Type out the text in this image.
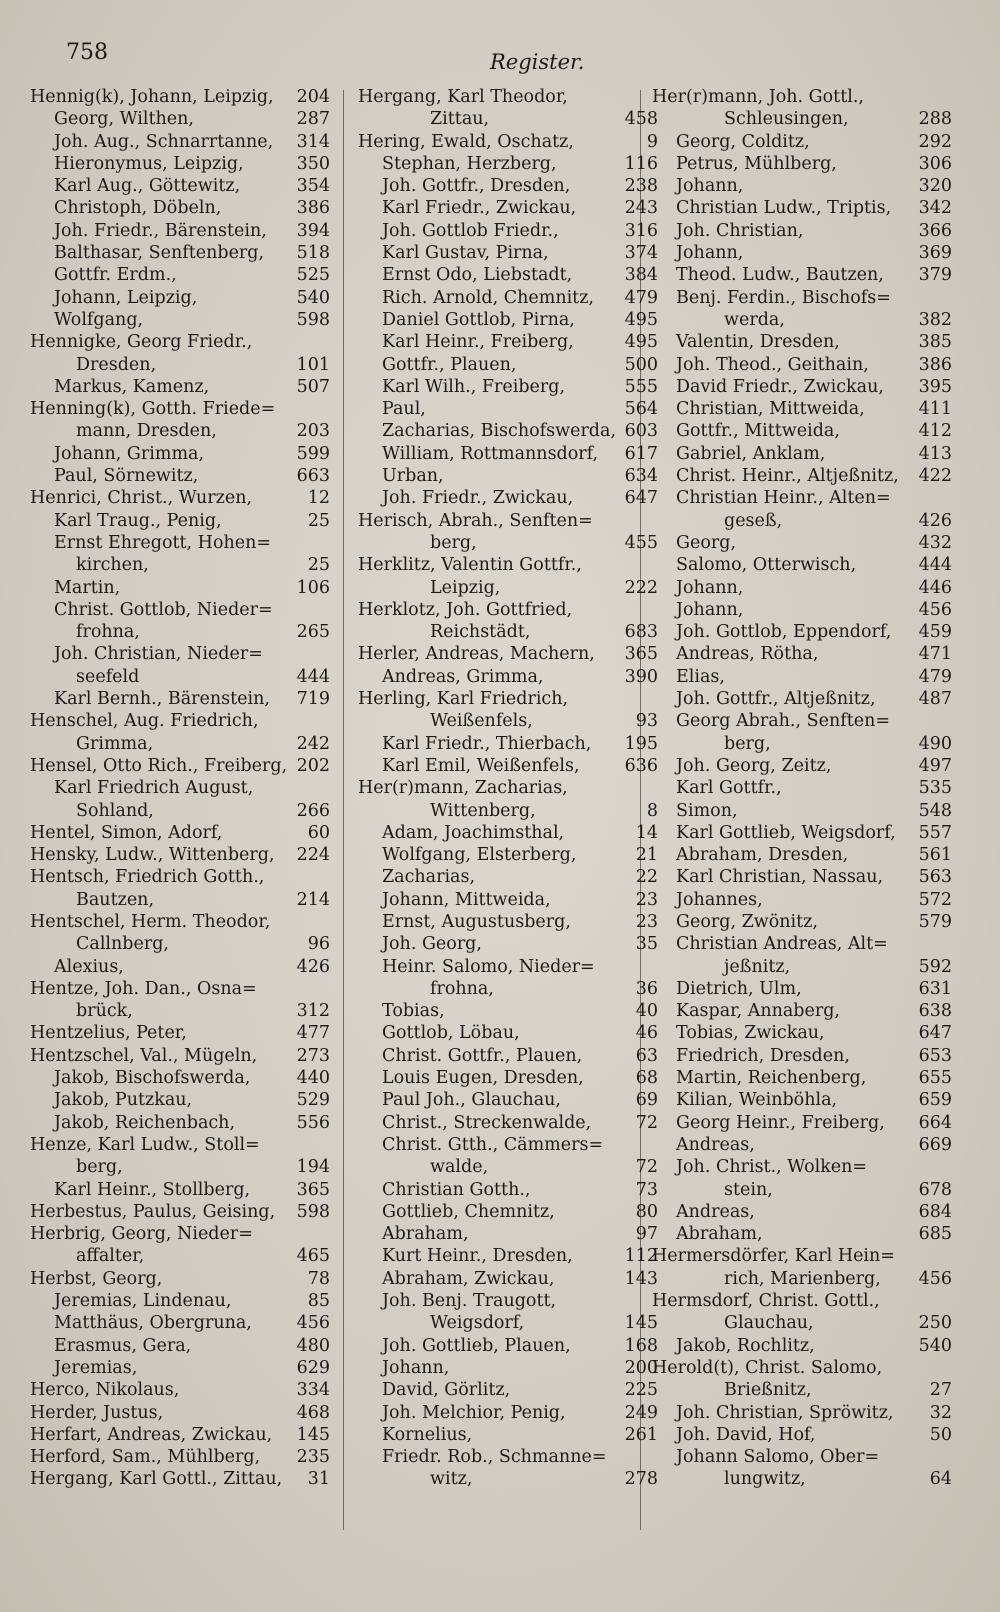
758	Register.
Hennig(k), Johann, Leipzig, 204
Georg, Wilthen,	287
Joh. Aug., Schnarrtanne, 314
Hieronymus, Leipzig,	350
Karl Aug., Göttewitz,	354
Christoph, Döbeln,	386
Joh. Friedr., Bärenstein, 394
Balthasar, Senftenberg, 518
Gottfr. Erdm.,	525
Johann, Leipzig,	540
Wolfgang,	598
Hennigke, Georg Friedr.,
Dresden,	101
Markus, Kamenz,	507
Henning(k), Gotth. Friede=
mann, Dresden,	203
Johann, Grimma,	599
Paul, Sörnewitz,	663
Henrici, Christ., Wurzen,	12
Karl Traug., Penig,	25
Ernst Ehregott, Hohen=
kirchen,	25
Martin,	106
Christ. Gottlob, Nieder=
frohna,	265
Joh. Christian, Nieder=
seefeld	444
Karl Bernh., Bärenstein, 719
Henschel, Aug. Friedrich,
Grimma,	242
Hensel, Otto Rich., Freiberg, 202
Karl Friedrich August,
Sohland,	266
Hentel, Simon, Adorf,	60
Hensky, Ludw., Wittenberg, 224
Hentsch, Friedrich Gotth.,
Bautzen,	214
Hentschel, Herm. Theodor,
Callnberg,	96
Alexius,	426
Hentze, Joh. Dan., Osna=
brück,	312
Hentzelius, Peter,	477
Hentzschel, Val., Mügeln, 273
Jakob, Bischofswerda,	440
Jakob, Putzkau,	529
Jakob, Reichenbach,	556
Henze, Karl Ludw., Stoll=
berg,	194
Karl Heinr., Stollberg,	365
Herbestus, Paulus, Geising, 598
Herbrig, Georg, Nieder=
affalter,	465
Herbst, Georg,	78
Jeremias, Lindenau,	85
Matthäus, Obergruna,	456
Erasmus, Gera,	480
Jeremias,	629
Herco, Nikolaus,	334
Herder, Justus,	468
Herfart, Andreas, Zwickau, 145
Herford, Sam., Mühlberg, 235
Hergang, Karl Gottl., Zittau, 31
Hergang, Karl Theodor,
Zittau,	458
Hering, Ewald, Oschatz,	9
Stephan, Herzberg,	116
Joh. Gottfr., Dresden,	238
Karl Friedr., Zwickau,	243
Joh. Gottlob Friedr.,	316
Karl Gustav, Pirna,	374
Ernst Odo, Liebstadt,	384
Rich. Arnold, Chemnitz, 479
Daniel Gottlob, Pirna,	495
Karl Heinr., Freiberg,	495
Gottfr., Plauen,	500
Karl Wilh., Freiberg,	555
Paul,	564
Zacharias, Bischofswerda, 603
William, Rottmannsdorf, 617
Urban,	634
Joh. Friedr., Zwickau,	647
Herisch, Abrah., Senften=
berg,	455
Herklitz, Valentin Gottfr.,
Leipzig,	222
Herklotz, Joh. Gottfried,
Reichstädt,	683
Herler, Andreas, Machern, 365
Andreas, Grimma,	390
Herling, Karl Friedrich,
Weißenfels,	93
Karl Friedr., Thierbach, 195
Karl Emil, Weißenfels,	636
Her(r)mann, Zacharias,
Wittenberg,	8
Adam, Joachimsthal,	14
Wolfgang, Elsterberg,	21
Zacharias,	22
Johann, Mittweida,	23
Ernst, Augustusberg,	23
Joh. Georg,	35
Heinr. Salomo, Nieder=
frohna,	36
Tobias,	40
Gottlob, Löbau,	46
Christ. Gottfr., Plauen,	63
Louis Eugen, Dresden,	68
Paul Joh., Glauchau,	69
Christ., Streckenwalde,	72
Christ. Gtth., Cämmers=
walde,	72
Christian Gotth.,	73
Gottlieb, Chemnitz,	80
Abraham,	97
Kurt Heinr., Dresden,	112
Abraham, Zwickau,	143
Joh. Benj. Traugott,
Weigsdorf,	145
Joh. Gottlieb, Plauen,	168
Johann,	200
David, Görlitz,	225
Joh. Melchior, Penig,	249
Kornelius,	261
Friedr. Rob., Schmanne=
witz,	278
Her(r)mann, Joh. Gottl.,
Schleusingen,	288
Georg, Colditz,	292
Petrus, Mühlberg,	306
Johann,	320
Christian Ludw., Triptis, 342
Joh. Christian,	366
Johann,	369
Theod. Ludw., Bautzen, 379
Benj. Ferdin., Bischofs=
werda,	382
Valentin, Dresden,	385
Joh. Theod., Geithain,	386
David Friedr., Zwickau, 395
Christian, Mittweida,	411
Gottfr., Mittweida,	412
Gabriel, Anklam,	413
Christ. Heinr., Altjeßnitz, 422
Christian Heinr., Alten=
geseß,	426
Georg,	432
Salomo, Otterwisch,	444
Johann,	446
Johann,	456
Joh. Gottlob, Eppendorf, 459
Andreas, Rötha,	471
Elias,	479
Joh. Gottfr., Altjeßnitz, 487
Georg Abrah., Senften=
berg,	490
Joh. Georg, Zeitz,	497
Karl Gottfr.,	535
Simon,	548
Karl Gottlieb, Weigsdorf, 557
Abraham, Dresden,	561
Karl Christian, Nassau, 563
Johannes,	572
Georg, Zwönitz,	579
Christian Andreas, Alt=
jeßnitz,	592
Dietrich, Ulm,	631
Kaspar, Annaberg,	638
Tobias, Zwickau,	647
Friedrich, Dresden,	653
Martin, Reichenberg,	655
Kilian, Weinböhla,	659
Georg Heinr., Freiberg, 664
Andreas,	669
Joh. Christ., Wolken=
stein,	678
Andreas,	684
Abraham,	685
Hermersdörfer, Karl Hein=
rich, Marienberg, 456
Hermsdorf, Christ. Gottl.,
Glauchau,	250
Jakob, Rochlitz,	540
Herold(t), Christ. Salomo,
Brießnitz,	27
Joh. Christian, Spröwitz, 32
Joh. David, Hof,	50
Johann Salomo, Ober=
lungwitz,	64
